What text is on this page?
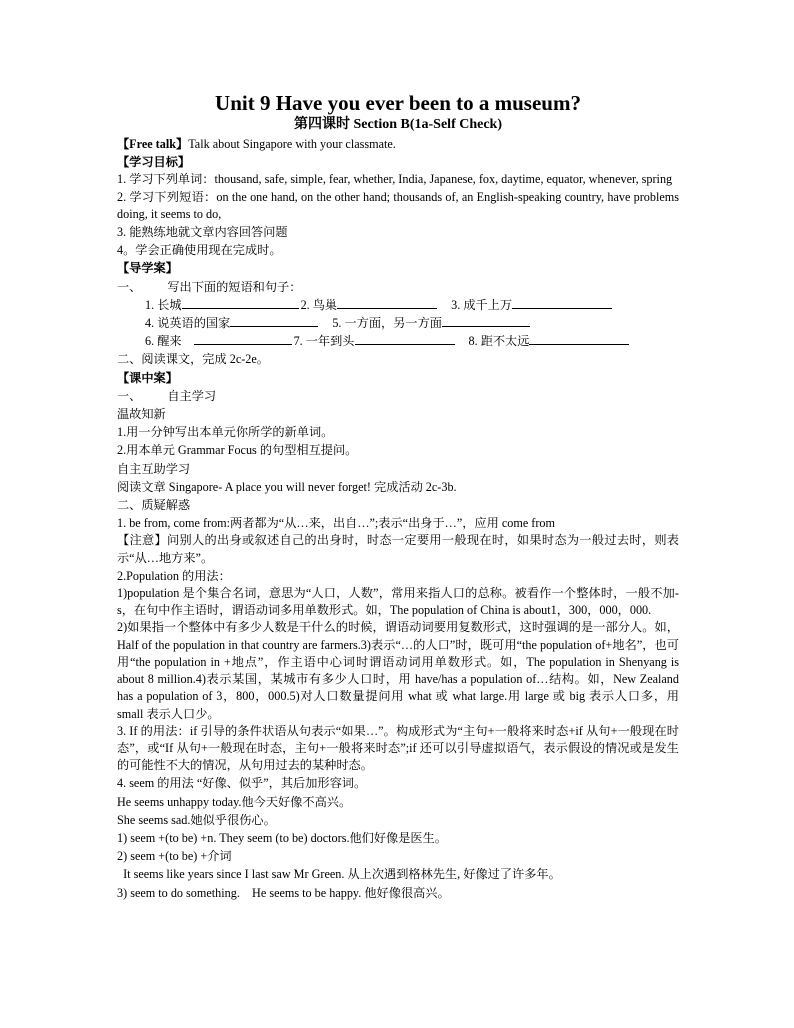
Unit 9 Have you ever been to a museum?
第四课时 Section B(1a-Self Check)
【Free talk】Talk about Singapore with your classmate.
【学习目标】
1. 学习下列单词：thousand, safe, simple, fear, whether, India, Japanese, fox, daytime, equator, whenever, spring
2. 学习下列短语：on the one hand, on the other hand; thousands of, an English-speaking country, have problems doing, it seems to do,
3. 能熟练地就文章内容回答问题
4。学会正确使用现在完成时。
【导学案】
一、 写出下面的短语和句子：
1. 长城	2. 鸟巢	3. 成千上万
4. 说英语的国家	5. 一方面，另一方面
6. 醒来	7. 一年到头	8. 距不太远
二、阅读课文，完成 2c-2e。
【课中案】
一、 自主学习
温故知新
1.用一分钟写出本单元你所学的新单词。
2.用本单元 Grammar Focus 的句型相互提问。
自主互助学习
阅读文章 Singapore- A place you will never forget! 完成活动 2c-3b.
二、质疑解惑
1. be from, come from:两者都为“从…来，出自…”;表示“出身于…”，应用 come from
【注意】问别人的出身或叙述自己的出身时，时态一定要用一般现在时，如果时态为一般过去时，则表示“从…地方来”。
2.Population 的用法：
1)population 是个集合名词，意思为“人口，人数”，常用来指人口的总称。被看作一个整体时，一般不加-s，在句中作主语时，谓语动词多用单数形式。如，The population of China is about1，300，000，000.
2)如果指一个整体中有多少人数是干什么的时候，谓语动词要用复数形式，这时强调的是一部分人。如，Half of the population in that country are farmers.3)表示“…的人口”时，既可用“the population of+地名”，也可用“the population in +地点”，作主语中心词时谓语动词用单数形式。如，The population in Shenyang is about 8 million.4)表示某国，某城市有多少人口时，用 have/has a population of…结构。如，New Zealand has a population of 3，800，000.5)对人口数量提问用 what 或 what large.用 large 或 big 表示人口多，用 small 表示人口少。
3. If 的用法：if 引导的条件状语从句表示“如果…”。构成形式为“主句+一般将来时态+if 从句+一般现在时态”，或“If 从句+一般现在时态，主句+一般将来时态”;if 还可以引导虚拟语气，表示假设的情况或是发生的可能性不大的情况，从句用过去的某种时态。
4. seem 的用法 “好像、似乎”，其后加形容词。
He seems unhappy today.他今天好像不高兴。
She seems sad.她似乎很伤心。
1) seem +(to be) +n. They seem (to be) doctors.他们好像是医生。
2) seem +(to be) +介词
It seems like years since I last saw Mr Green. 从上次遇到格林先生, 好像过了许多年。
3) seem to do something.    He seems to be happy. 他好像很高兴。
